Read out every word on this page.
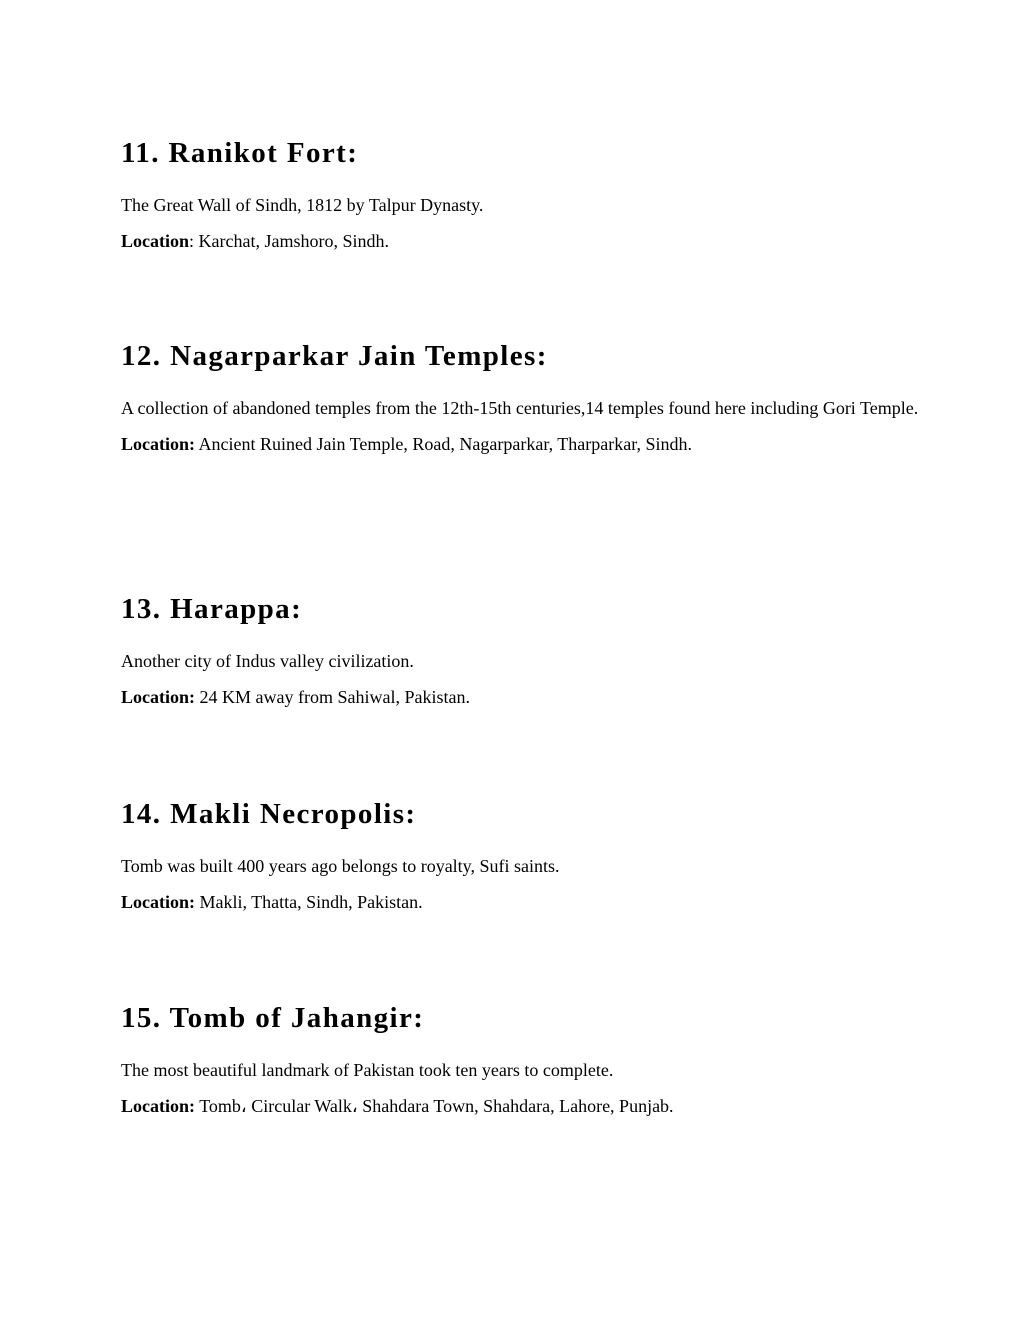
11. Ranikot Fort:

The Great Wall of Sindh, 1812 by Talpur Dynasty.

Location: Karchat, Jamshoro, Sindh.

12. Nagarparkar Jain Temples:

A collection of abandoned temples from the 12th-15th centuries,14 temples found here including Gori Temple.

Location: Ancient Ruined Jain Temple, Road, Nagarparkar, Tharparkar, Sindh.

13. Harappa:

Another city of Indus valley civilization.

Location: 24 KM away from Sahiwal, Pakistan.

14. Makli Necropolis:

Tomb was built 400 years ago belongs to royalty, Sufi saints.

Location: Makli, Thatta, Sindh, Pakistan.

15. Tomb of Jahangir:

The most beautiful landmark of Pakistan took ten years to complete.

Location: Tomb، Circular Walk، Shahdara Town, Shahdara, Lahore, Punjab.
